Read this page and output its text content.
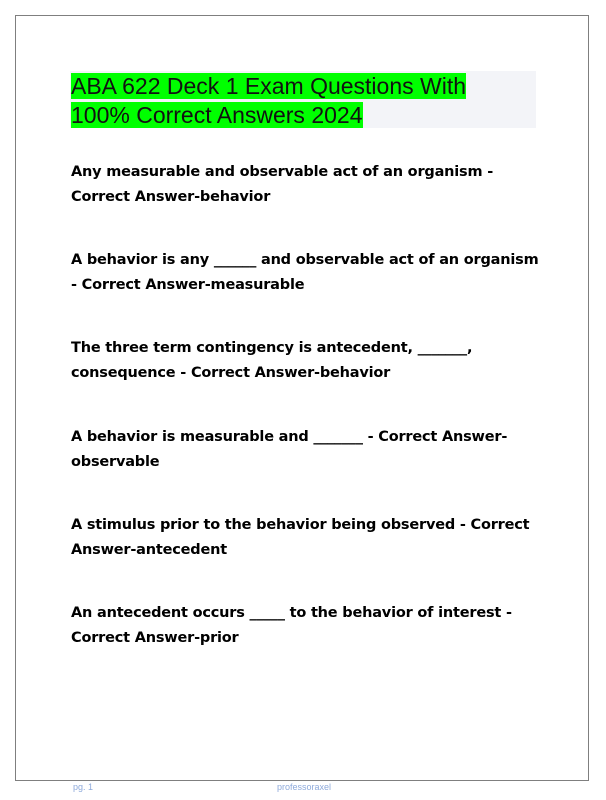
ABA 622 Deck 1 Exam Questions With 100% Correct Answers 2024

Any measurable and observable act of an organism - Correct Answer-behavior

A behavior is any ______ and observable act of an organism - Correct Answer-measurable

The three term contingency is antecedent, _______, consequence - Correct Answer-behavior

A behavior is measurable and _______ - Correct Answer-observable

A stimulus prior to the behavior being observed - Correct Answer-antecedent

An antecedent occurs _____ to the behavior of interest - Correct Answer-prior

pg. 1	professoraxel
